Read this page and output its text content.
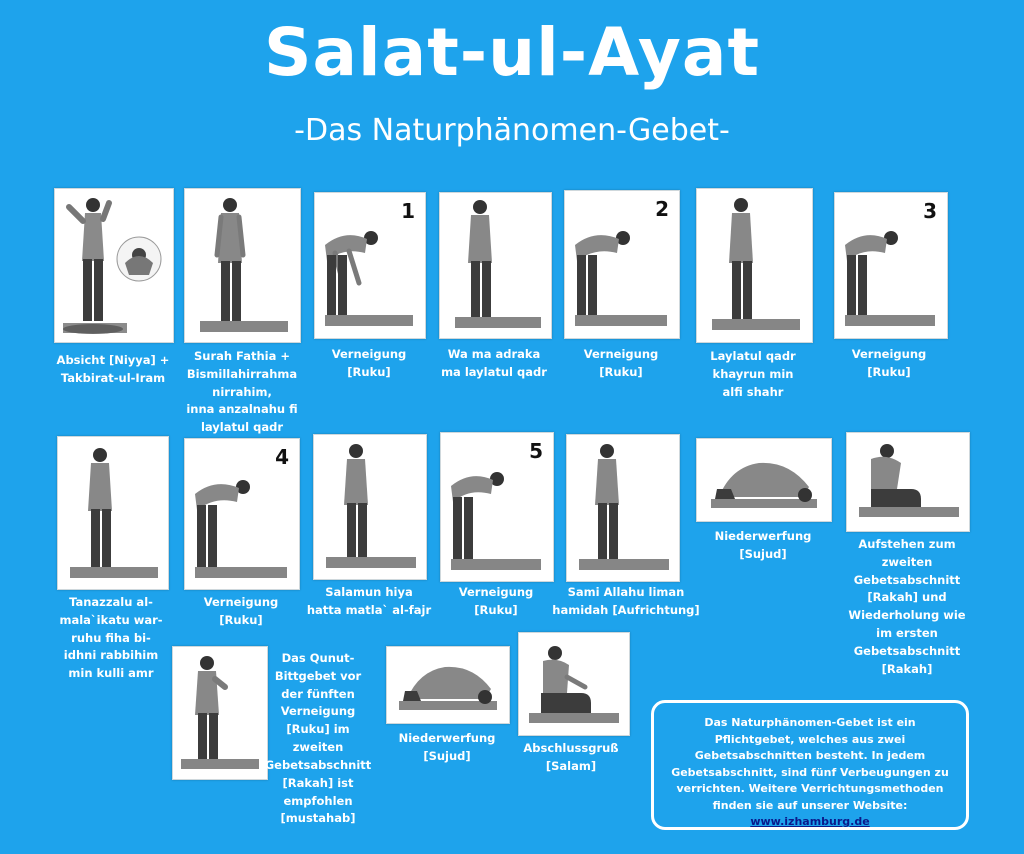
Salat-ul-Ayat
-Das Naturphänomen-Gebet-
Absicht [Niyya] +
Takbirat-ul-Iram
Surah Fathia +
Bismillahirrahma
nirrahim,
inna anzalnahu fi
laylatul qadr
1
Verneigung
[Ruku]
Wa ma adraka
ma laylatul qadr
2
Verneigung
[Ruku]
Laylatul qadr
khayrun min
alfi shahr
3
Verneigung
[Ruku]
Tanazzalu al-
mala`ikatu war-
ruhu fiha bi-
idhni rabbihim
min kulli amr
4
Verneigung
[Ruku]
Salamun hiya
hatta matla` al-fajr
5
Verneigung
[Ruku]
Sami Allahu liman
hamidah [Aufrichtung]
Niederwerfung
[Sujud]
Aufstehen zum
zweiten
Gebetsabschnitt
[Rakah] und
Wiederholung wie
im ersten
Gebetsabschnitt
[Rakah]
Das Qunut-
Bittgebet vor
der fünften
Verneigung
[Ruku] im
zweiten
Gebetsabschnitt
[Rakah] ist
empfohlen
[mustahab]
Niederwerfung
[Sujud]
Abschlussgruß
[Salam]
Das Naturphänomen-Gebet ist ein Pflichtgebet, welches aus zwei Gebetsabschnitten besteht. In jedem Gebetsabschnitt, sind fünf Verbeugungen zu verrichten. Weitere Verrichtungsmethoden finden sie auf unserer Website:
www.izhamburg.de
